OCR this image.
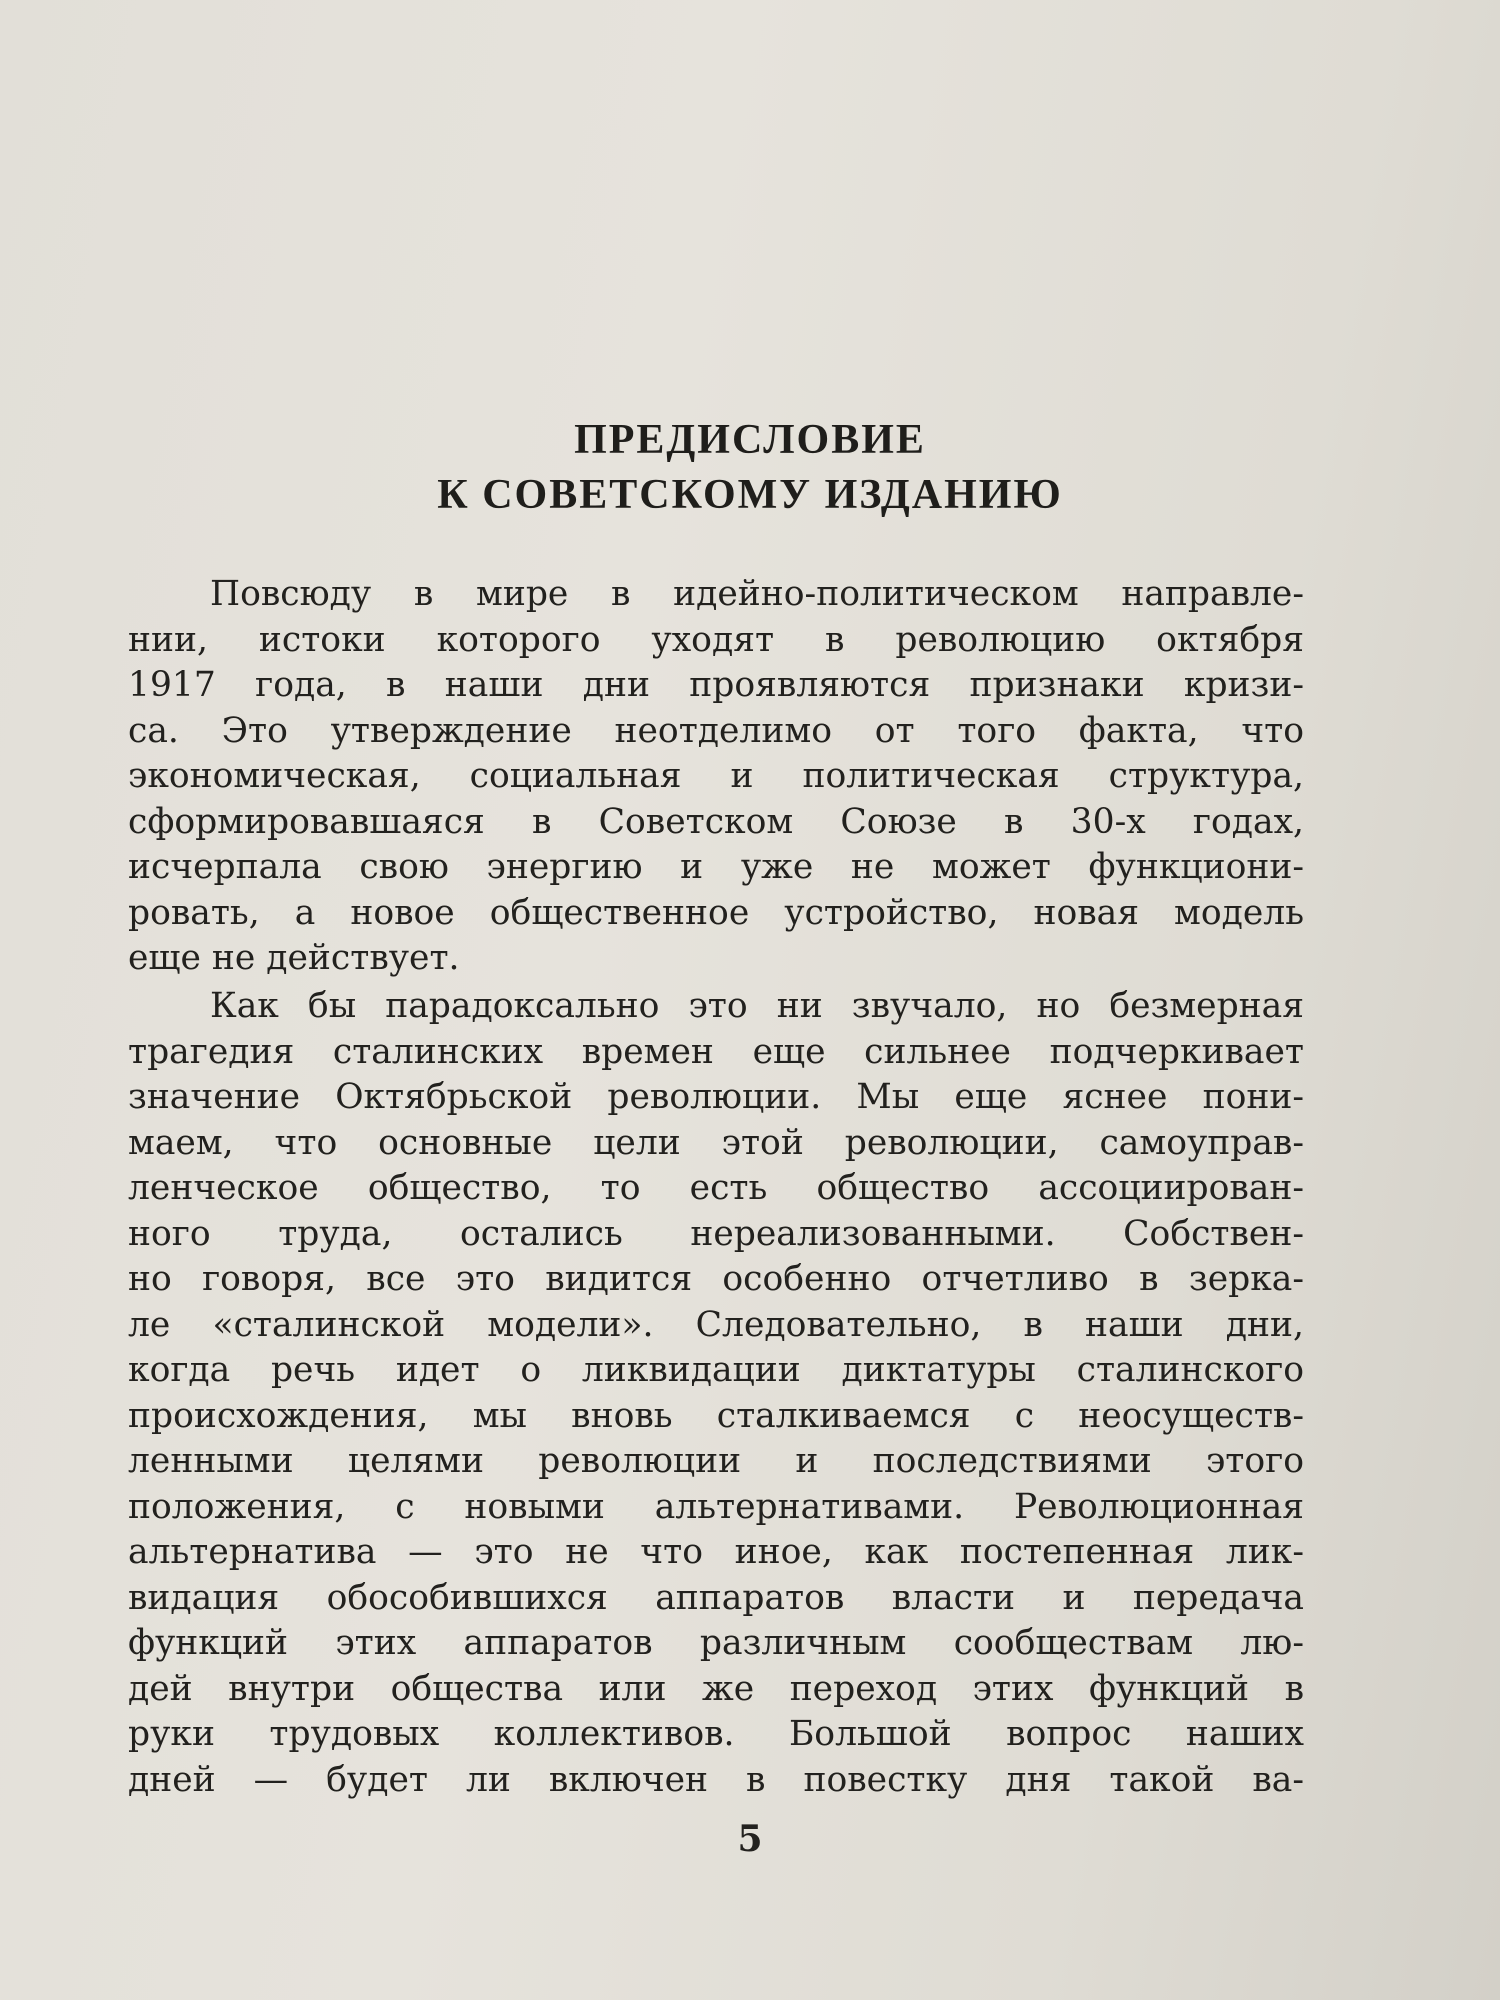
ПРЕДИСЛОВИЕ
К СОВЕТСКОМУ ИЗДАНИЮ
Повсюду в мире в идейно-политическом направле-
нии, истоки которого уходят в революцию октября
1917 года, в наши дни проявляются признаки кризи-
са. Это утверждение неотделимо от того факта, что
экономическая, социальная и политическая структура,
сформировавшаяся в Советском Союзе в 30-х годах,
исчерпала свою энергию и уже не может функциони-
ровать, а новое общественное устройство, новая модель
еще не действует.
Как бы парадоксально это ни звучало, но безмерная
трагедия сталинских времен еще сильнее подчеркивает
значение Октябрьской революции. Мы еще яснее пони-
маем, что основные цели этой революции, самоуправ-
ленческое общество, то есть общество ассоциирован-
ного труда, остались нереализованными. Собствен-
но говоря, все это видится особенно отчетливо в зерка-
ле «сталинской модели». Следовательно, в наши дни,
когда речь идет о ликвидации диктатуры сталинского
происхождения, мы вновь сталкиваемся с неосуществ-
ленными целями революции и последствиями этого
положения, с новыми альтернативами. Революционная
альтернатива — это не что иное, как постепенная лик-
видация обособившихся аппаратов власти и передача
функций этих аппаратов различным сообществам лю-
дей внутри общества или же переход этих функций в
руки трудовых коллективов. Большой вопрос наших
дней — будет ли включен в повестку дня такой ва-
5
